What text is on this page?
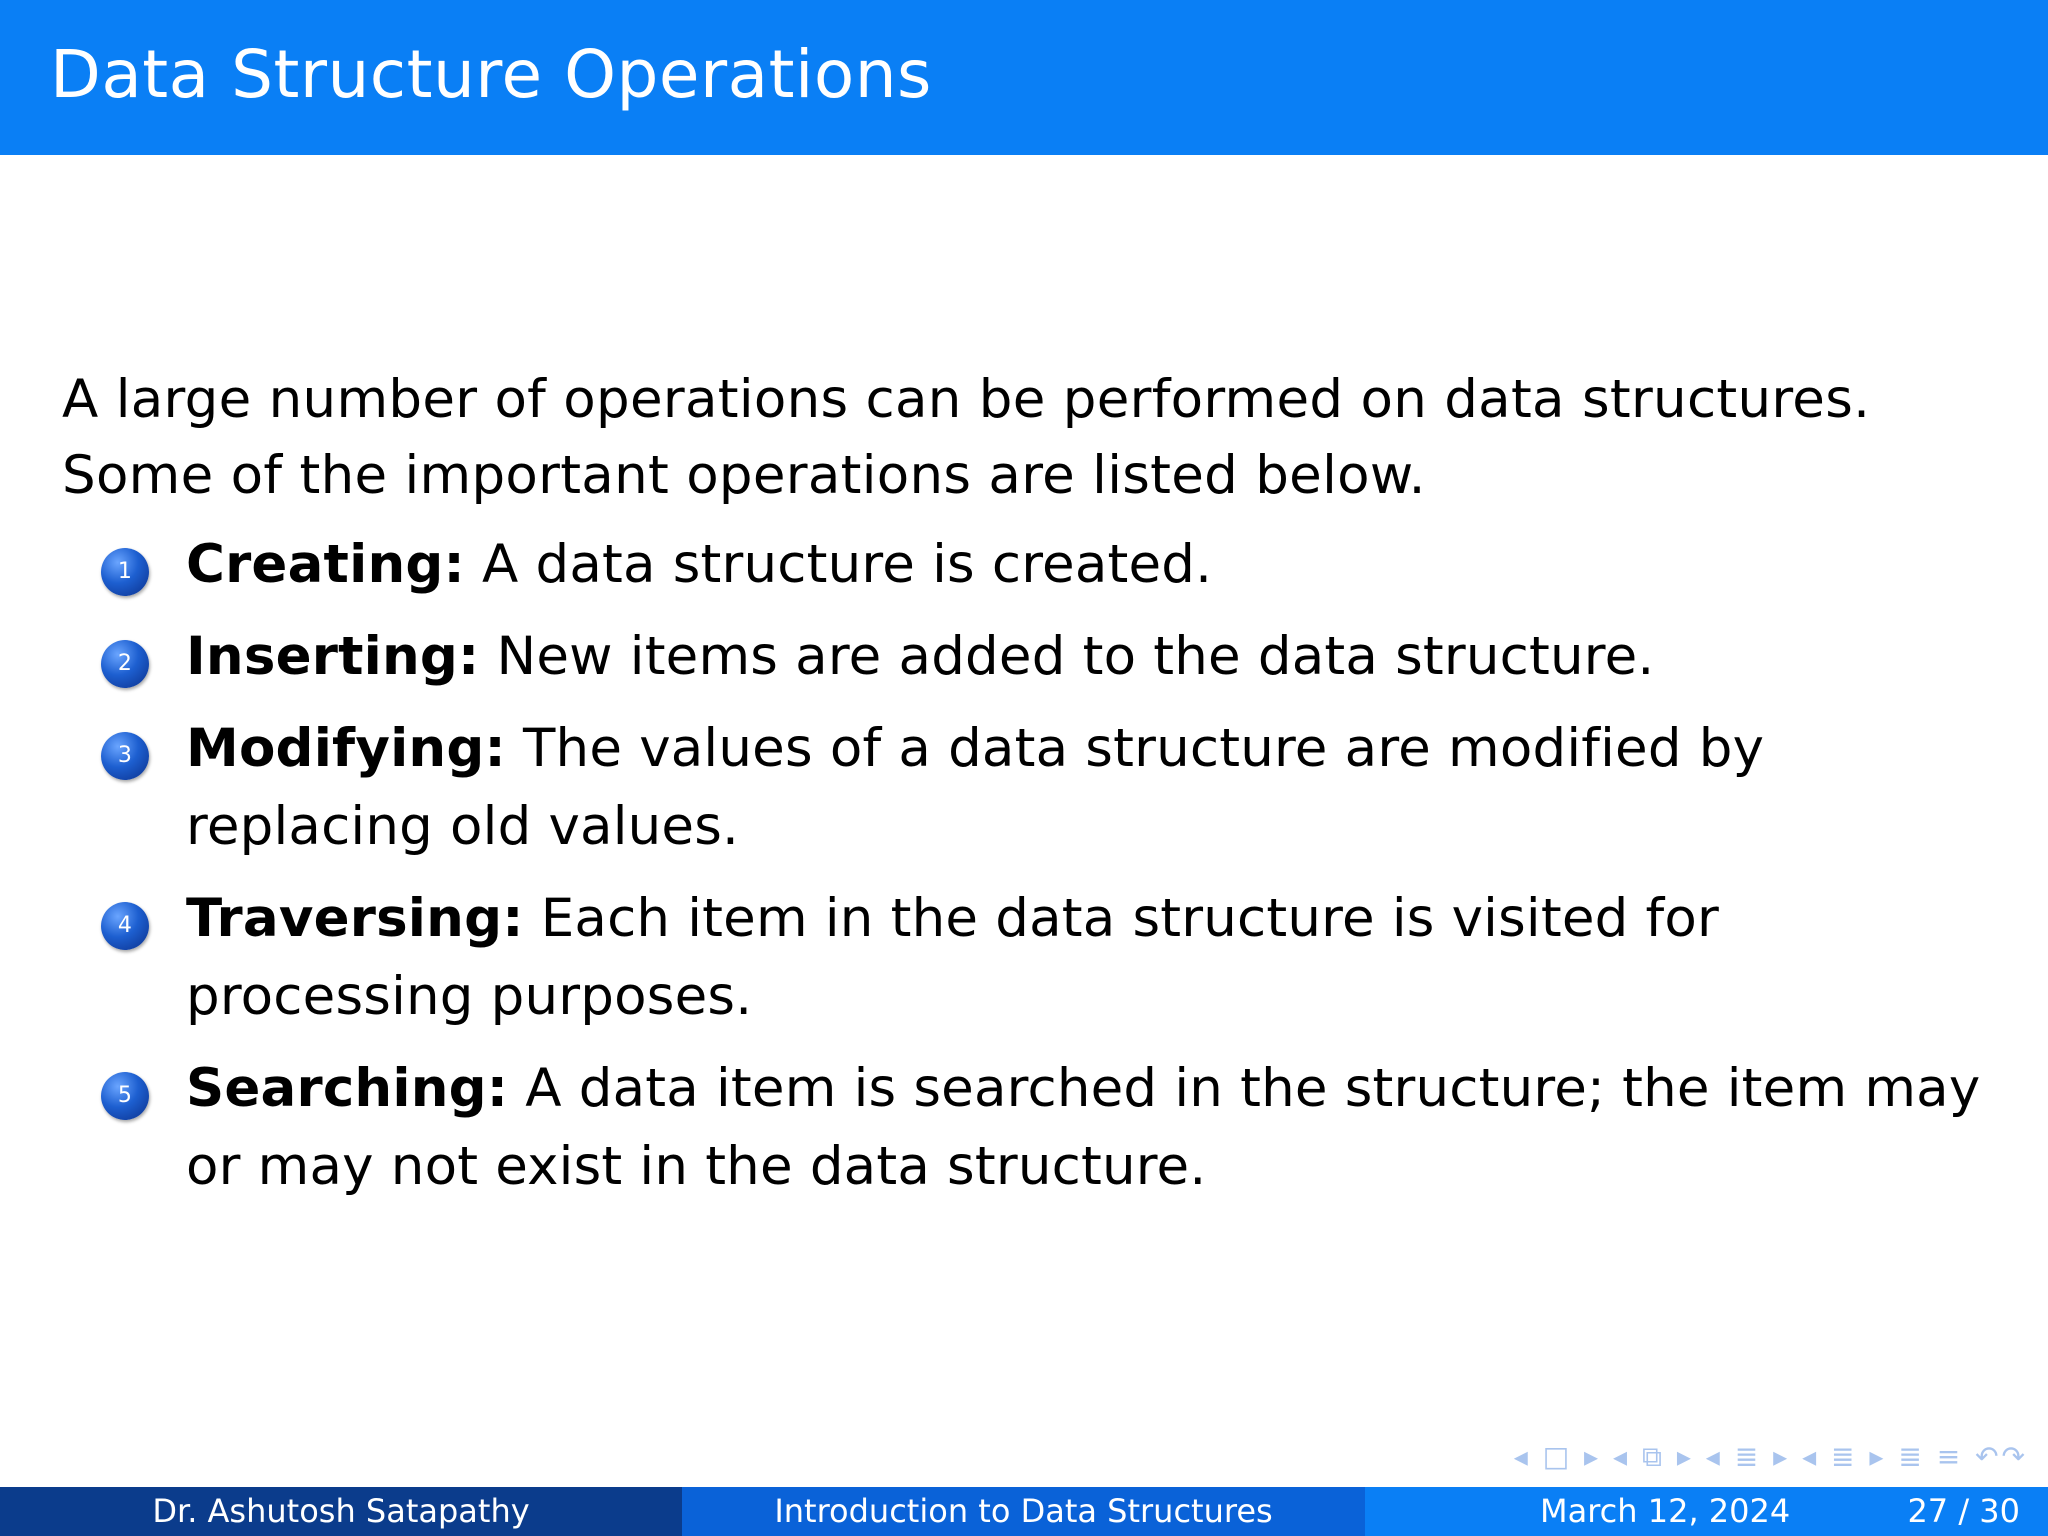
Data Structure Operations
A large number of operations can be performed on data structures. Some of the important operations are listed below.
1	Creating: A data structure is created.
2	Inserting: New items are added to the data structure.
3	Modifying: The values of a data structure are modified by replacing old values.
4	Traversing: Each item in the data structure is visited for processing purposes.
5	Searching: A data item is searched in the structure; the item may or may not exist in the data structure.
◂ □ ▸ ◂ ⧉ ▸ ◂ ≣ ▸ ◂ ≣ ▸ ≣ ≡ ↶↷
Dr. Ashutosh Satapathy	Introduction to Data Structures	March 12, 2024	27 / 30
